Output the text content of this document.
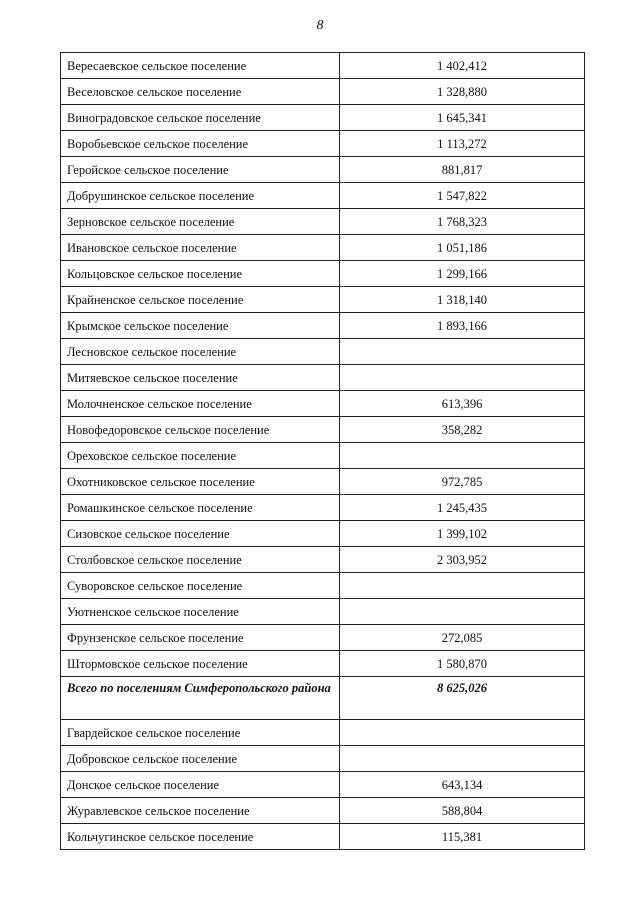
8
Вересаевское сельское поселение	1 402,412
Веселовское сельское поселение	1 328,880
Виноградовское сельское поселение	1 645,341
Воробьевское сельское поселение	1 113,272
Геройское сельское поселение	881,817
Добрушинское сельское поселение	1 547,822
Зерновское сельское поселение	1 768,323
Ивановское сельское поселение	1 051,186
Кольцовское сельское поселение	1 299,166
Крайненское сельское поселение	1 318,140
Крымское сельское поселение	1 893,166
Лесновское сельское поселение	
Митяевское сельское поселение	
Молочненское сельское поселение	613,396
Новофедоровское сельское поселение	358,282
Ореховское сельское поселение	
Охотниковское сельское поселение	972,785
Ромашкинское сельское поселение	1 245,435
Сизовское сельское поселение	1 399,102
Столбовское сельское поселение	2 303,952
Суворовское сельское поселение	
Уютненское сельское поселение	
Фрунзенское сельское поселение	272,085
Штормовское сельское поселение	1 580,870
Всего по поселениям Симферопольского района	8 625,026
Гвардейское сельское поселение	
Добровское сельское поселение	
Донское сельское поселение	643,134
Журавлевское сельское поселение	588,804
Кольчугинское сельское поселение	115,381
